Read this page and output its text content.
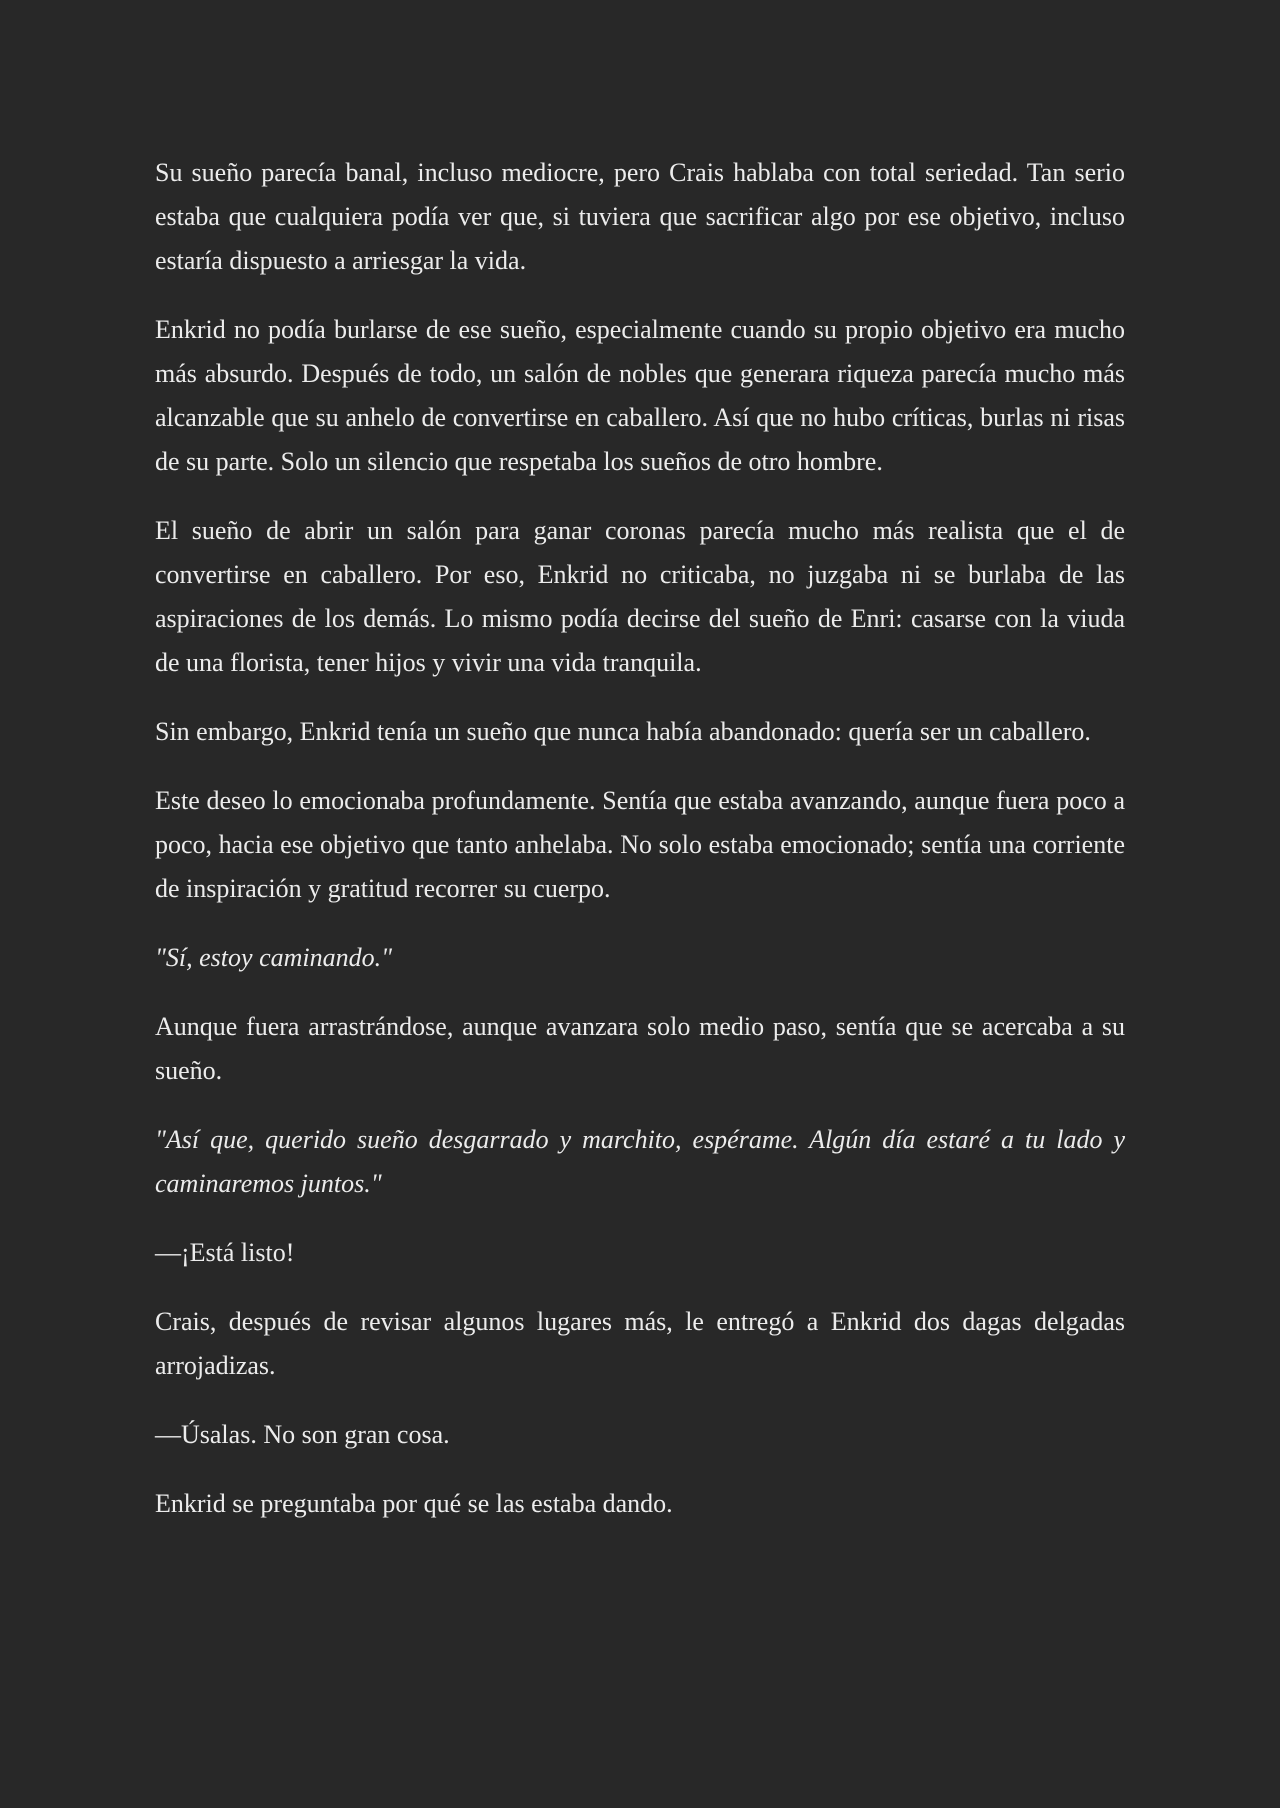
Su sueño parecía banal, incluso mediocre, pero Crais hablaba con total seriedad. Tan serio estaba que cualquiera podía ver que, si tuviera que sacrificar algo por ese objetivo, incluso estaría dispuesto a arriesgar la vida.

Enkrid no podía burlarse de ese sueño, especialmente cuando su propio objetivo era mucho más absurdo. Después de todo, un salón de nobles que generara riqueza parecía mucho más alcanzable que su anhelo de convertirse en caballero. Así que no hubo críticas, burlas ni risas de su parte. Solo un silencio que respetaba los sueños de otro hombre.

El sueño de abrir un salón para ganar coronas parecía mucho más realista que el de convertirse en caballero. Por eso, Enkrid no criticaba, no juzgaba ni se burlaba de las aspiraciones de los demás. Lo mismo podía decirse del sueño de Enri: casarse con la viuda de una florista, tener hijos y vivir una vida tranquila.

Sin embargo, Enkrid tenía un sueño que nunca había abandonado: quería ser un caballero.

Este deseo lo emocionaba profundamente. Sentía que estaba avanzando, aunque fuera poco a poco, hacia ese objetivo que tanto anhelaba. No solo estaba emocionado; sentía una corriente de inspiración y gratitud recorrer su cuerpo.

"Sí, estoy caminando."

Aunque fuera arrastrándose, aunque avanzara solo medio paso, sentía que se acercaba a su sueño.

"Así que, querido sueño desgarrado y marchito, espérame. Algún día estaré a tu lado y caminaremos juntos."

—¡Está listo!

Crais, después de revisar algunos lugares más, le entregó a Enkrid dos dagas delgadas arrojadizas.

—Úsalas. No son gran cosa.

Enkrid se preguntaba por qué se las estaba dando.
